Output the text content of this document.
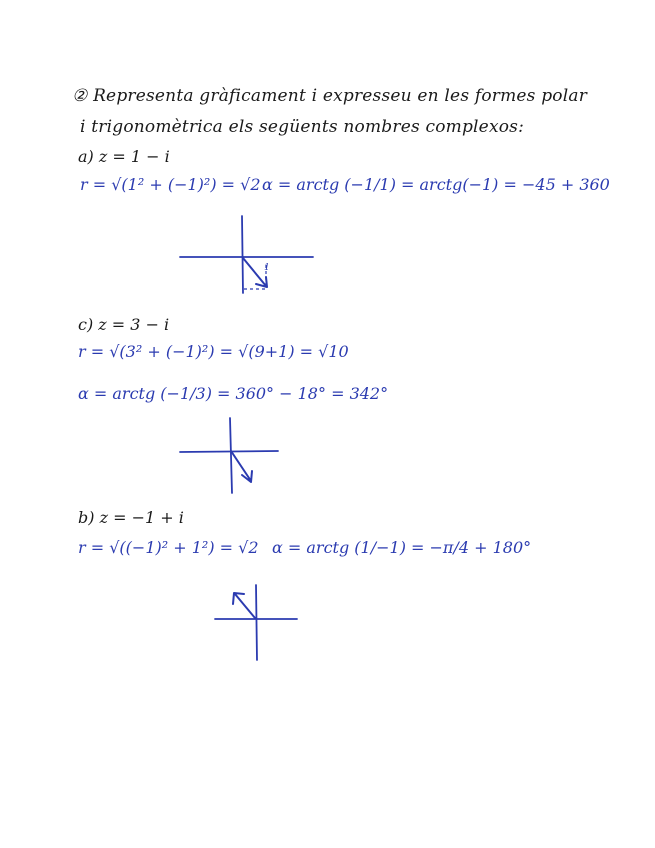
② Representa gràficament i expresseu en les formes polar
i trigonomètrica els següents nombres complexos:
a) z = 1 − i
r = √(1² + (−1)²) = √2 α = arctg (−1/1) = arctg(−1) = −45 + 360
c) z = 3 − i
r = √(3² + (−1)²) = √(9+1) = √10
α = arctg (−1/3) = 360° − 18° = 342°
b) z = −1 + i
r = √((−1)² + 1²) = √2 α = arctg (1/−1) = −π/4 + 180°
1
